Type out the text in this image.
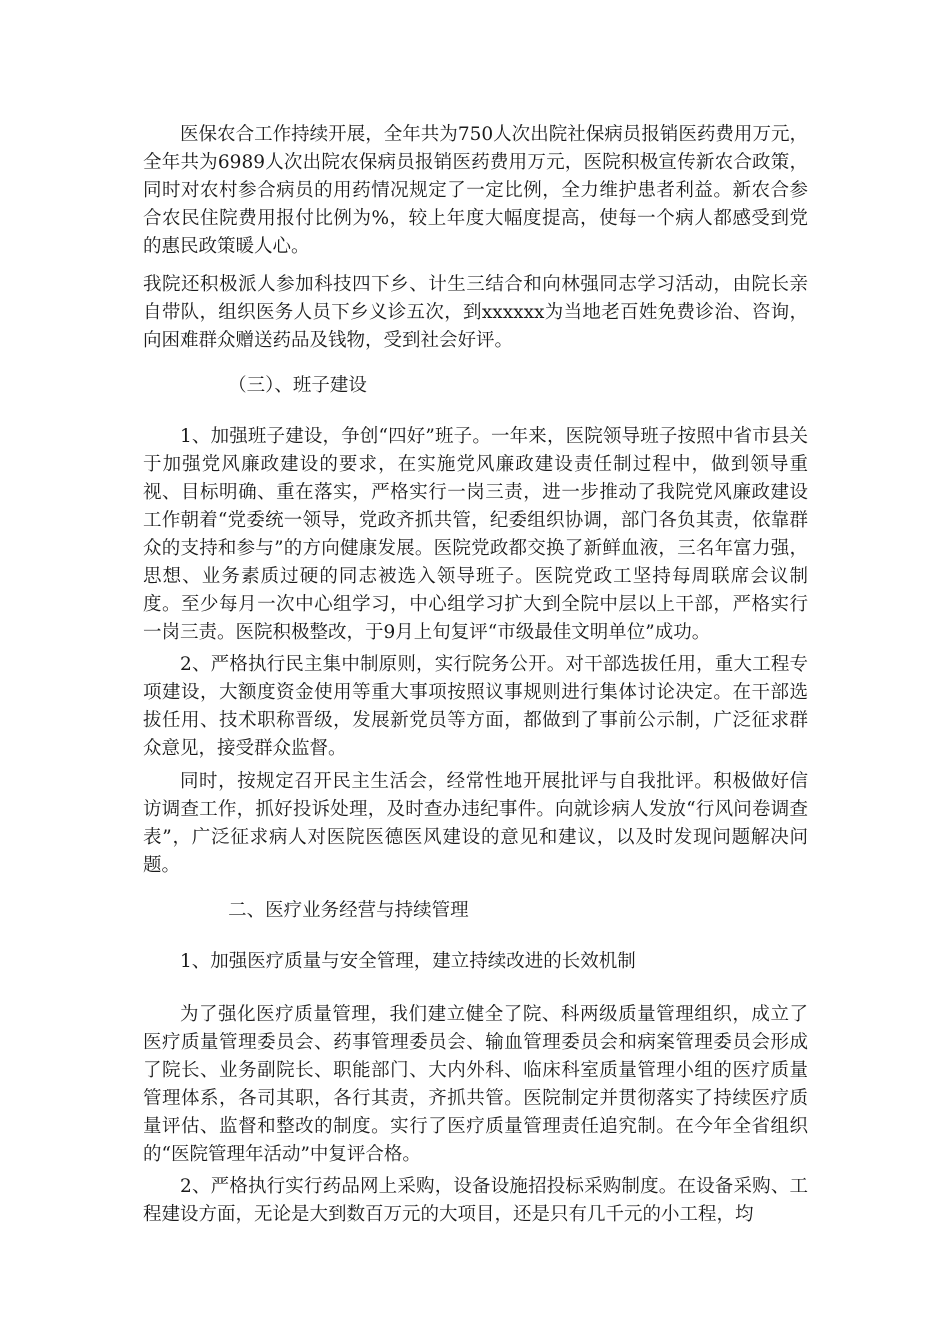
医保农合工作持续开展，全年共为750人次出院社保病员报销医药费用万元，全年共为6989人次出院农保病员报销医药费用万元，医院积极宣传新农合政策，同时对农村参合病员的用药情况规定了一定比例，全力维护患者利益。新农合参合农民住院费用报付比例为%，较上年度大幅度提高，使每一个病人都感受到党的惠民政策暖人心。

我院还积极派人参加科技四下乡、计生三结合和向林强同志学习活动，由院长亲自带队，组织医务人员下乡义诊五次，到xxxxxx为当地老百姓免费诊治、咨询，向困难群众赠送药品及钱物，受到社会好评。

（三）、班子建设

1、加强班子建设，争创“四好”班子。一年来，医院领导班子按照中省市县关于加强党风廉政建设的要求，在实施党风廉政建设责任制过程中，做到领导重视、目标明确、重在落实，严格实行一岗三责，进一步推动了我院党风廉政建设工作朝着“党委统一领导，党政齐抓共管，纪委组织协调，部门各负其责，依靠群众的支持和参与”的方向健康发展。医院党政都交换了新鲜血液，三名年富力强，思想、业务素质过硬的同志被选入领导班子。医院党政工坚持每周联席会议制度。至少每月一次中心组学习，中心组学习扩大到全院中层以上干部，严格实行一岗三责。医院积极整改，于9月上旬复评“市级最佳文明单位”成功。

2、严格执行民主集中制原则，实行院务公开。对干部选拔任用，重大工程专项建设，大额度资金使用等重大事项按照议事规则进行集体讨论决定。在干部选拔任用、技术职称晋级，发展新党员等方面，都做到了事前公示制，广泛征求群众意见，接受群众监督。

同时，按规定召开民主生活会，经常性地开展批评与自我批评。积极做好信访调查工作，抓好投诉处理，及时查办违纪事件。向就诊病人发放“行风问卷调查表”，广泛征求病人对医院医德医风建设的意见和建议，以及时发现问题解决问题。

二、医疗业务经营与持续管理

1、加强医疗质量与安全管理，建立持续改进的长效机制

为了强化医疗质量管理，我们建立健全了院、科两级质量管理组织，成立了医疗质量管理委员会、药事管理委员会、输血管理委员会和病案管理委员会形成了院长、业务副院长、职能部门、大内外科、临床科室质量管理小组的医疗质量管理体系，各司其职，各行其责，齐抓共管。医院制定并贯彻落实了持续医疗质量评估、监督和整改的制度。实行了医疗质量管理责任追究制。在今年全省组织的“医院管理年活动”中复评合格。

2、严格执行实行药品网上采购，设备设施招投标采购制度。在设备采购、工程建设方面，无论是大到数百万元的大项目，还是只有几千元的小工程，均
